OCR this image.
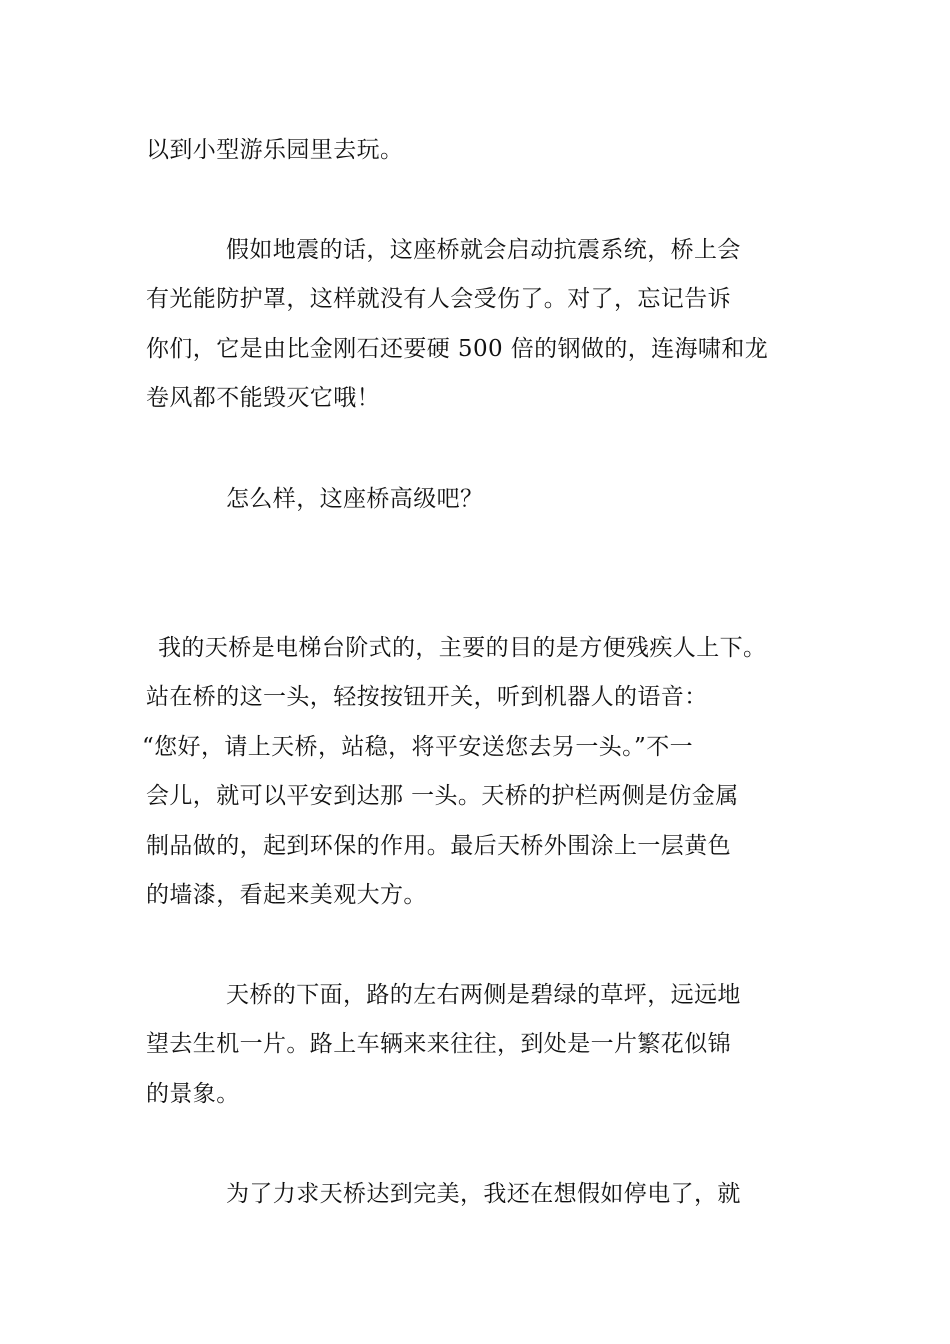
以到小型游乐园里去玩。
假如地震的话，这座桥就会启动抗震系统，桥上会
有光能防护罩，这样就没有人会受伤了。对了，忘记告诉
你们，它是由比金刚石还要硬 500 倍的钢做的，连海啸和龙
卷风都不能毁灭它哦！
怎么样，这座桥高级吧？
我的天桥是电梯台阶式的，主要的目的是方便残疾人上下。
站在桥的这一头，轻按按钮开关，听到机器人的语音：
“您好，请上天桥，站稳，将平安送您去另一头。”不一
会儿，就可以平安到达那 一头。天桥的护栏两侧是仿金属
制品做的，起到环保的作用。最后天桥外围涂上一层黄色
的墙漆，看起来美观大方。
天桥的下面，路的左右两侧是碧绿的草坪，远远地
望去生机一片。路上车辆来来往往，到处是一片繁花似锦
的景象。
为了力求天桥达到完美，我还在想假如停电了，就
